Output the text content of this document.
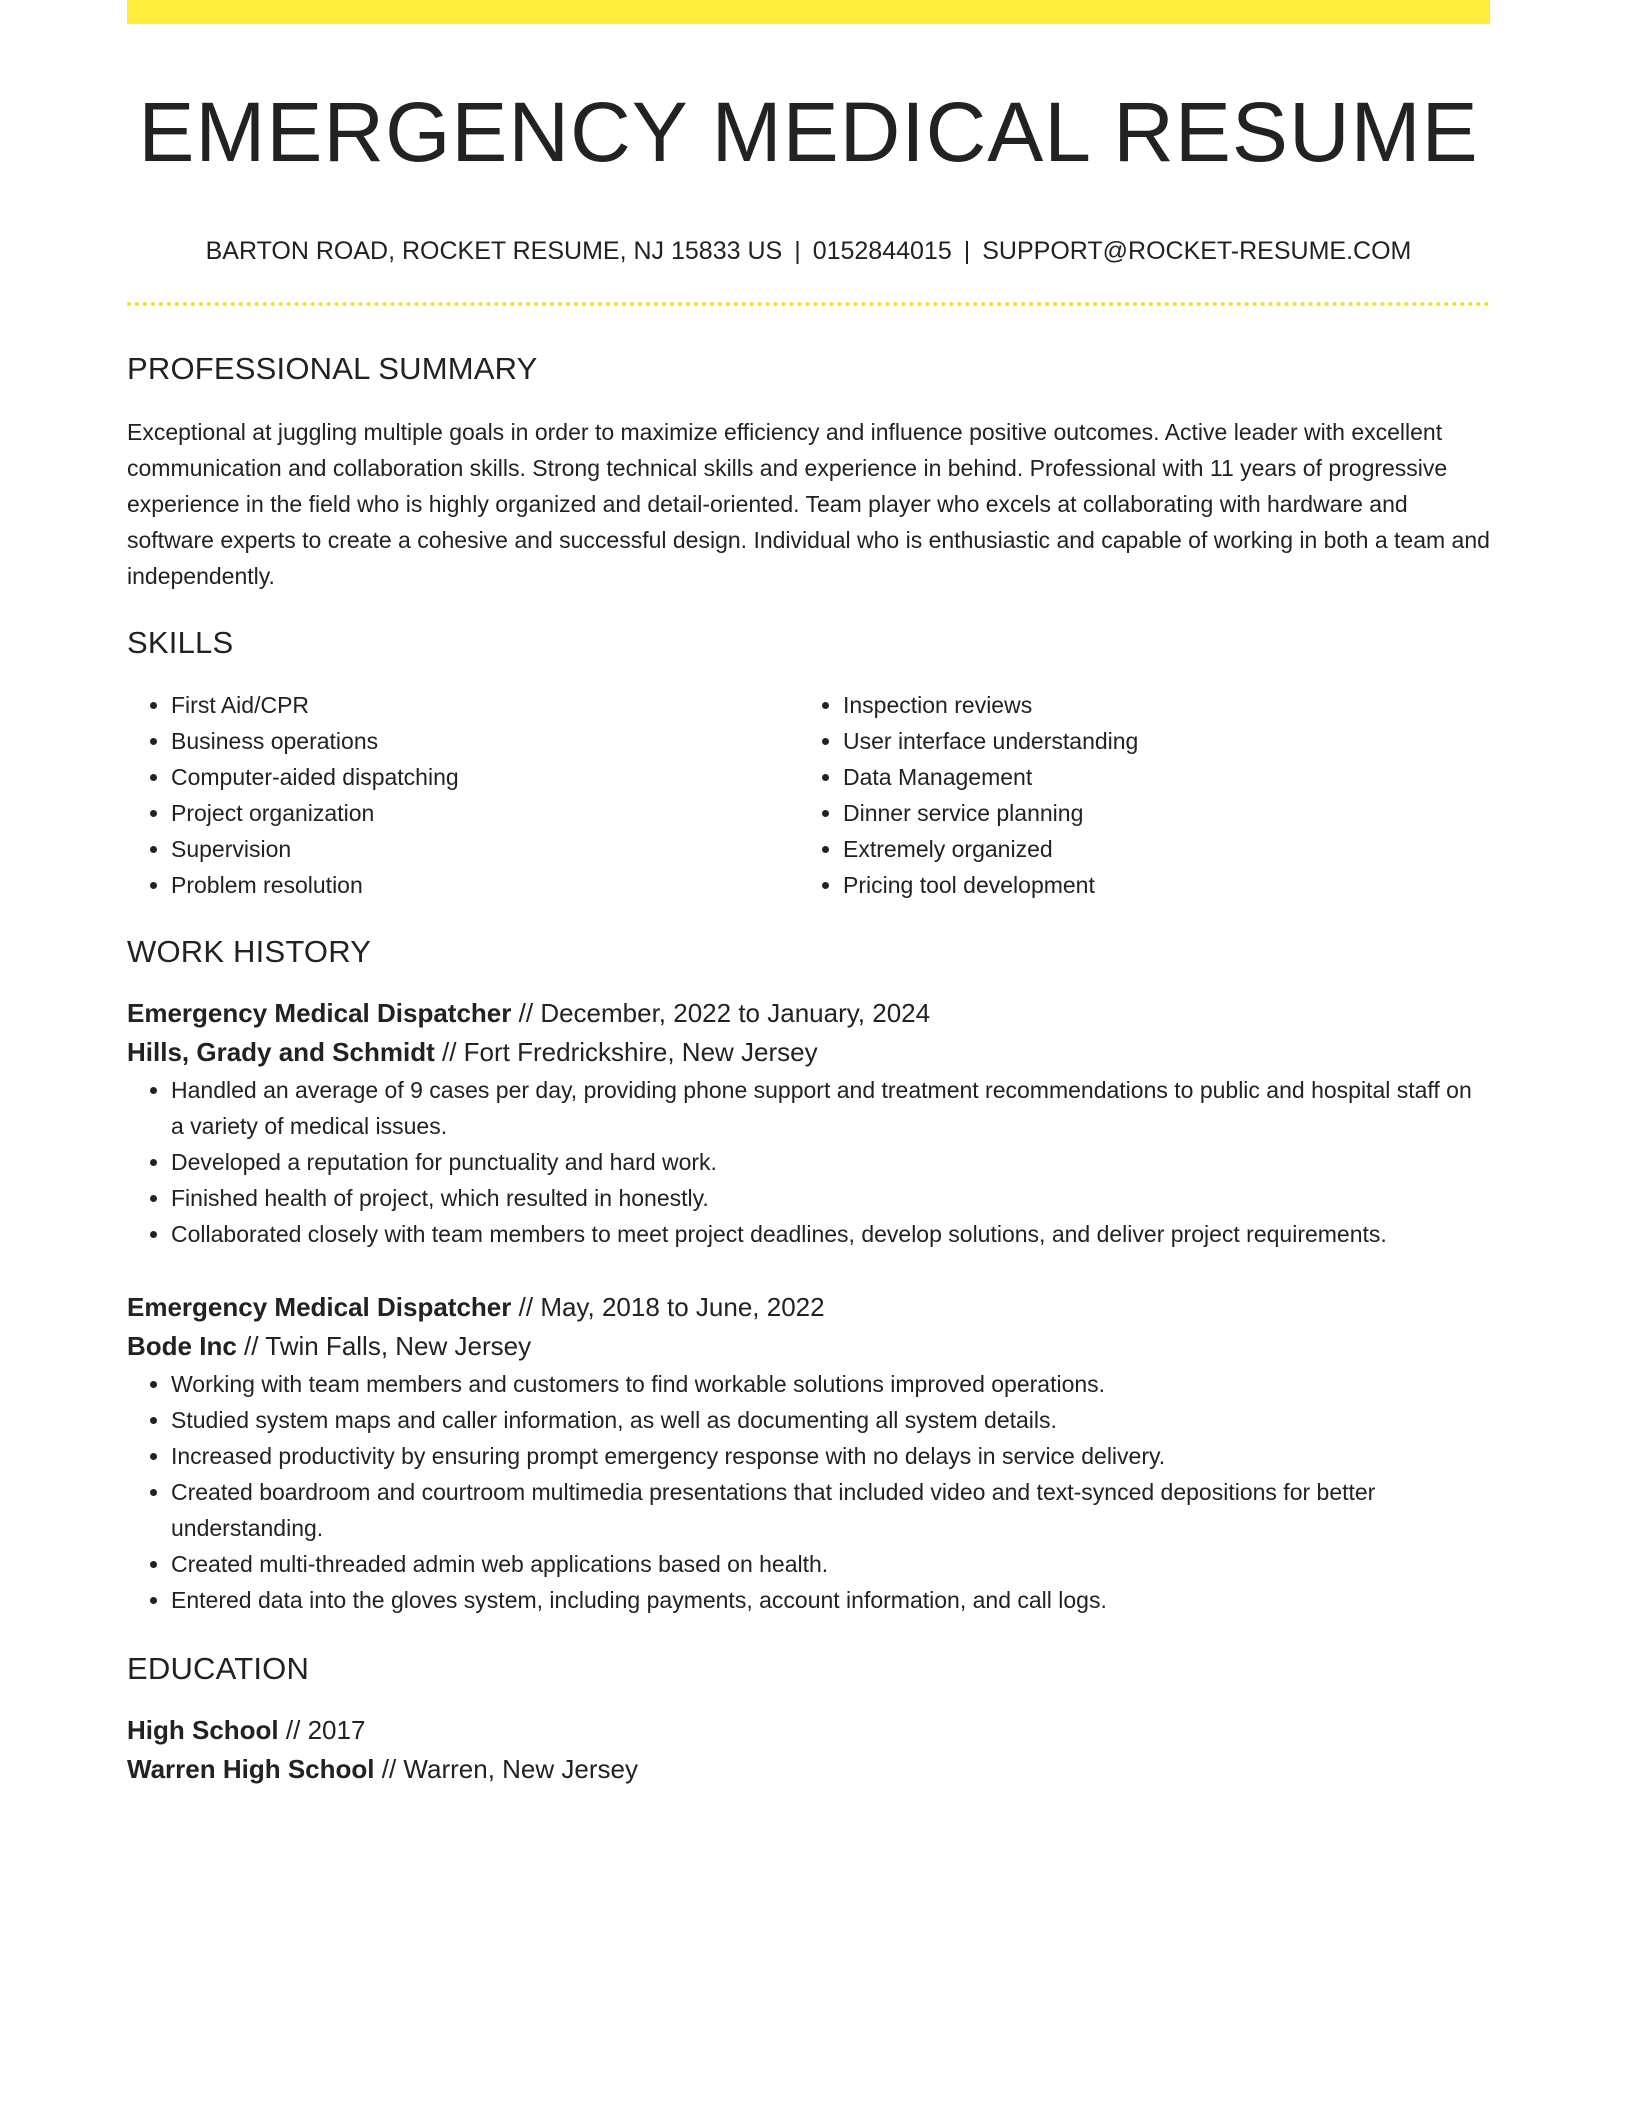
EMERGENCY MEDICAL RESUME
BARTON ROAD, ROCKET RESUME, NJ 15833 US | 0152844015 | SUPPORT@ROCKET-RESUME.COM
PROFESSIONAL SUMMARY

Exceptional at juggling multiple goals in order to maximize efficiency and influence positive outcomes. Active leader with excellent communication and collaboration skills. Strong technical skills and experience in behind. Professional with 11 years of progressive experience in the field who is highly organized and detail-oriented. Team player who excels at collaborating with hardware and software experts to create a cohesive and successful design. Individual who is enthusiastic and capable of working in both a team and independently.

SKILLS
• First Aid/CPR
• Business operations
• Computer-aided dispatching
• Project organization
• Supervision
• Problem resolution
• Inspection reviews
• User interface understanding
• Data Management
• Dinner service planning
• Extremely organized
• Pricing tool development
WORK HISTORY
Emergency Medical Dispatcher // December, 2022 to January, 2024
Hills, Grady and Schmidt // Fort Fredrickshire, New Jersey
• Handled an average of 9 cases per day, providing phone support and treatment recommendations to public and hospital staff on a variety of medical issues.
• Developed a reputation for punctuality and hard work.
• Finished health of project, which resulted in honestly.
• Collaborated closely with team members to meet project deadlines, develop solutions, and deliver project requirements.
Emergency Medical Dispatcher // May, 2018 to June, 2022
Bode Inc // Twin Falls, New Jersey
• Working with team members and customers to find workable solutions improved operations.
• Studied system maps and caller information, as well as documenting all system details.
• Increased productivity by ensuring prompt emergency response with no delays in service delivery.
• Created boardroom and courtroom multimedia presentations that included video and text-synced depositions for better understanding.
• Created multi-threaded admin web applications based on health.
• Entered data into the gloves system, including payments, account information, and call logs.
EDUCATION
High School // 2017
Warren High School // Warren, New Jersey
